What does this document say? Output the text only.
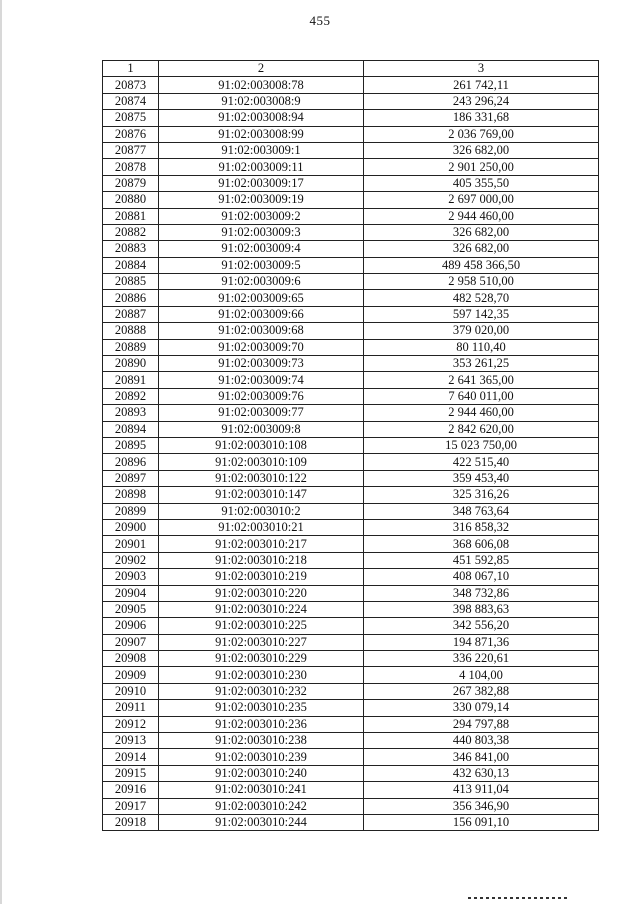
455
1	2	3
20873	91:02:003008:78	261 742,11
20874	91:02:003008:9	243 296,24
20875	91:02:003008:94	186 331,68
20876	91:02:003008:99	2 036 769,00
20877	91:02:003009:1	326 682,00
20878	91:02:003009:11	2 901 250,00
20879	91:02:003009:17	405 355,50
20880	91:02:003009:19	2 697 000,00
20881	91:02:003009:2	2 944 460,00
20882	91:02:003009:3	326 682,00
20883	91:02:003009:4	326 682,00
20884	91:02:003009:5	489 458 366,50
20885	91:02:003009:6	2 958 510,00
20886	91:02:003009:65	482 528,70
20887	91:02:003009:66	597 142,35
20888	91:02:003009:68	379 020,00
20889	91:02:003009:70	80 110,40
20890	91:02:003009:73	353 261,25
20891	91:02:003009:74	2 641 365,00
20892	91:02:003009:76	7 640 011,00
20893	91:02:003009:77	2 944 460,00
20894	91:02:003009:8	2 842 620,00
20895	91:02:003010:108	15 023 750,00
20896	91:02:003010:109	422 515,40
20897	91:02:003010:122	359 453,40
20898	91:02:003010:147	325 316,26
20899	91:02:003010:2	348 763,64
20900	91:02:003010:21	316 858,32
20901	91:02:003010:217	368 606,08
20902	91:02:003010:218	451 592,85
20903	91:02:003010:219	408 067,10
20904	91:02:003010:220	348 732,86
20905	91:02:003010:224	398 883,63
20906	91:02:003010:225	342 556,20
20907	91:02:003010:227	194 871,36
20908	91:02:003010:229	336 220,61
20909	91:02:003010:230	4 104,00
20910	91:02:003010:232	267 382,88
20911	91:02:003010:235	330 079,14
20912	91:02:003010:236	294 797,88
20913	91:02:003010:238	440 803,38
20914	91:02:003010:239	346 841,00
20915	91:02:003010:240	432 630,13
20916	91:02:003010:241	413 911,04
20917	91:02:003010:242	356 346,90
20918	91:02:003010:244	156 091,10
